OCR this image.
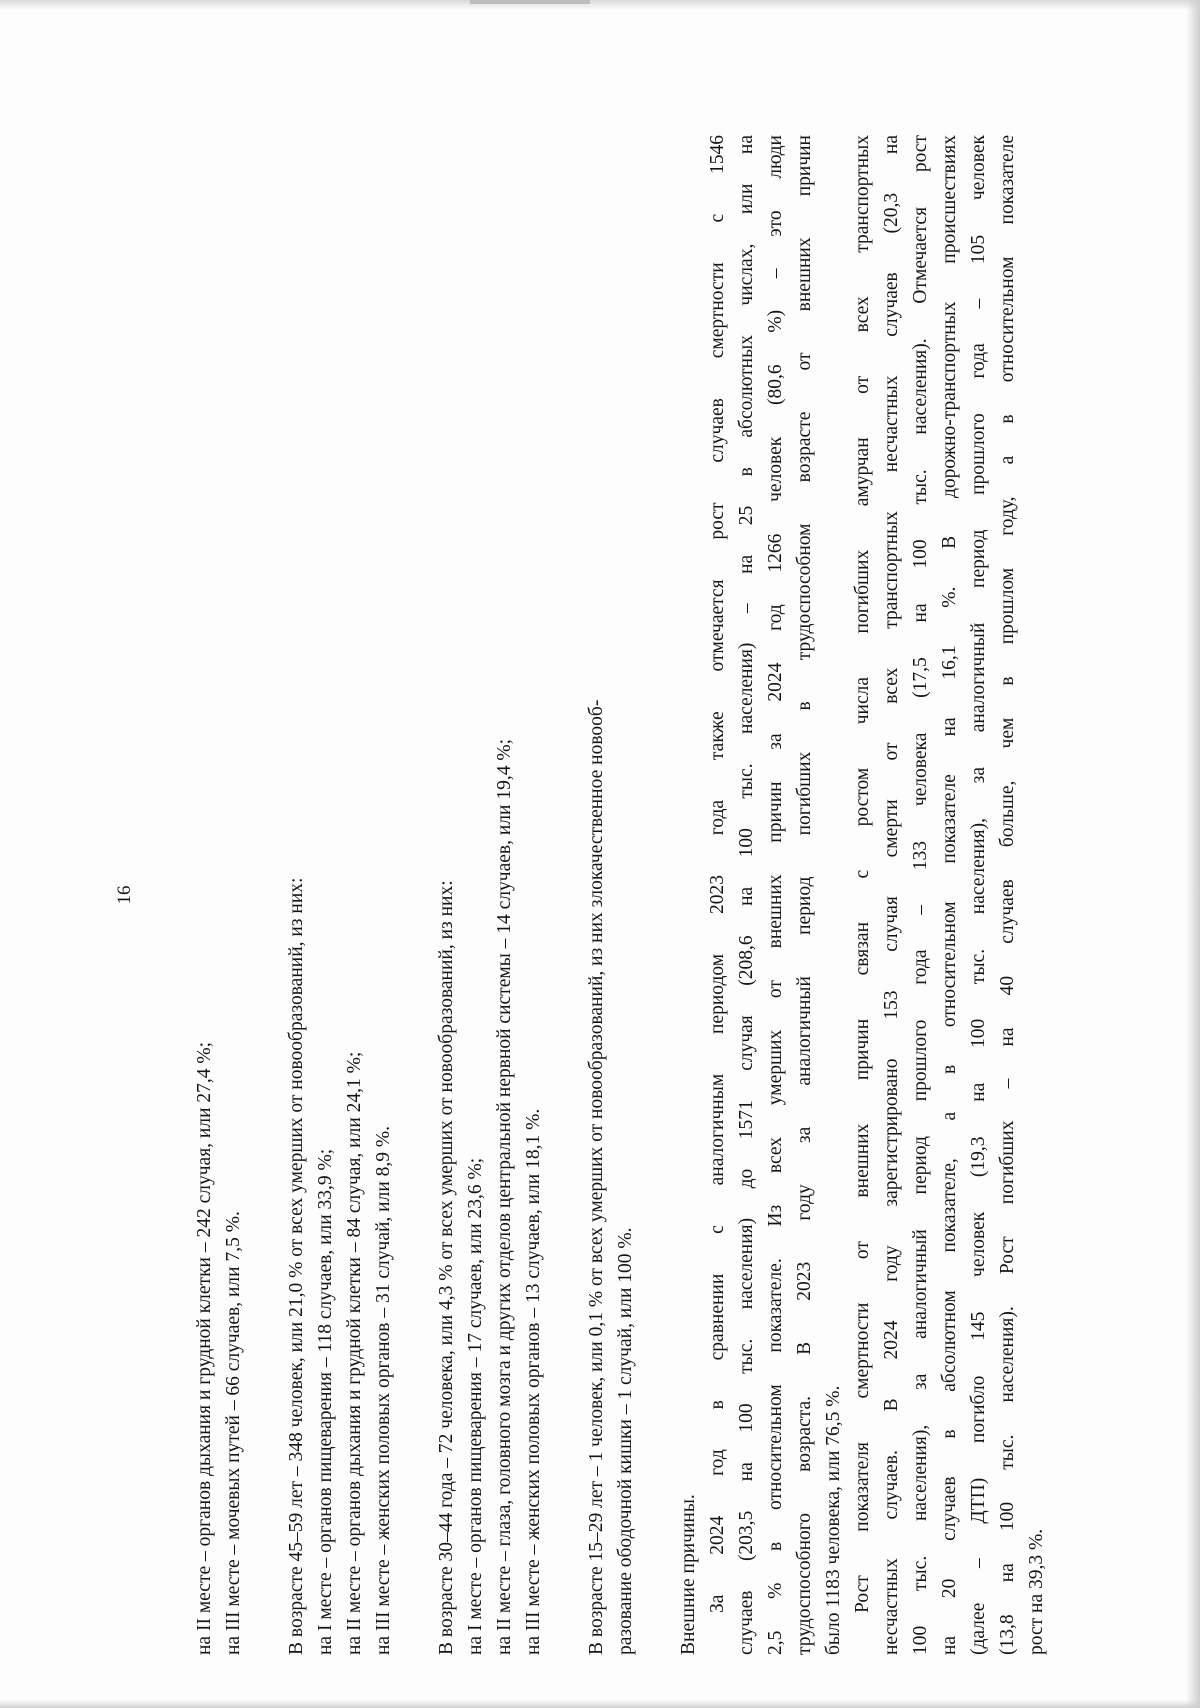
16

на II месте – органов дыхания и грудной клетки – 242 случая, или 27,4 %; на III месте – мочевых путей – 66 случаев, или 7,5 %. В возрасте 45–59 лет – 348 человек, или 21,0 % от всех умерших от новообразований, из них: на I месте – органов пищеварения – 118 случаев, или 33,9 %; на II месте – органов дыхания и грудной клетки – 84 случая, или 24,1 %; на III месте – женских половых органов – 31 случай, или 8,9 %. В возрасте 30–44 года – 72 человека, или 4,3 % от всех умерших от новообразований, из них: на I месте – органов пищеварения – 17 случаев, или 23,6 %; на II месте – глаза, головного мозга и других отделов центральной нервной системы – 14 случаев, или 19,4 %; на III месте – женских половых органов – 13 случаев, или 18,1 %. В возрасте 15–29 лет – 1 человек, или 0,1 % от всех умерших от новообразований, из них злокачественное новооб- разование ободочной кишки – 1 случай, или 100 %. Внешние причины. За 2024 год в сравнении с аналогичным периодом 2023 года также отмечается рост случаев смертности с 1546 случаев (203,5 на 100 тыс. населения) до 1571 случая (208,6 на 100 тыс. населения) – на 25 в абсолютных числах, или на 2,5 % в относительном показателе. Из всех умерших от внешних причин за 2024 год 1266 человек (80,6 %) – это люди трудоспособного возраста. В 2023 году за аналогичный период погибших в трудоспособном возрасте от внешних причин было 1183 человека, или 76,5 %. Рост показателя смертности от внешних причин связан с ростом числа погибших амурчан от всех транспортных несчастных случаев. В 2024 году зарегистрировано 153 случая смерти от всех транспортных несчастных случаев (20,3 на 100 тыс. населения), за аналогичный период прошлого года – 133 человека (17,5 на 100 тыс. населения). Отмечается рост на 20 случаев в абсолютном показателе, а в относительном показателе на 16,1 %. В дорожно-транспортных происшествиях (далее – ДТП) погибло 145 человек (19,3 на 100 тыс. населения), за аналогичный период прошлого года – 105 человек (13,8 на 100 тыс. населения). Рост погибших – на 40 случаев больше, чем в прошлом году, а в относительном показателе рост на 39,3 %.
